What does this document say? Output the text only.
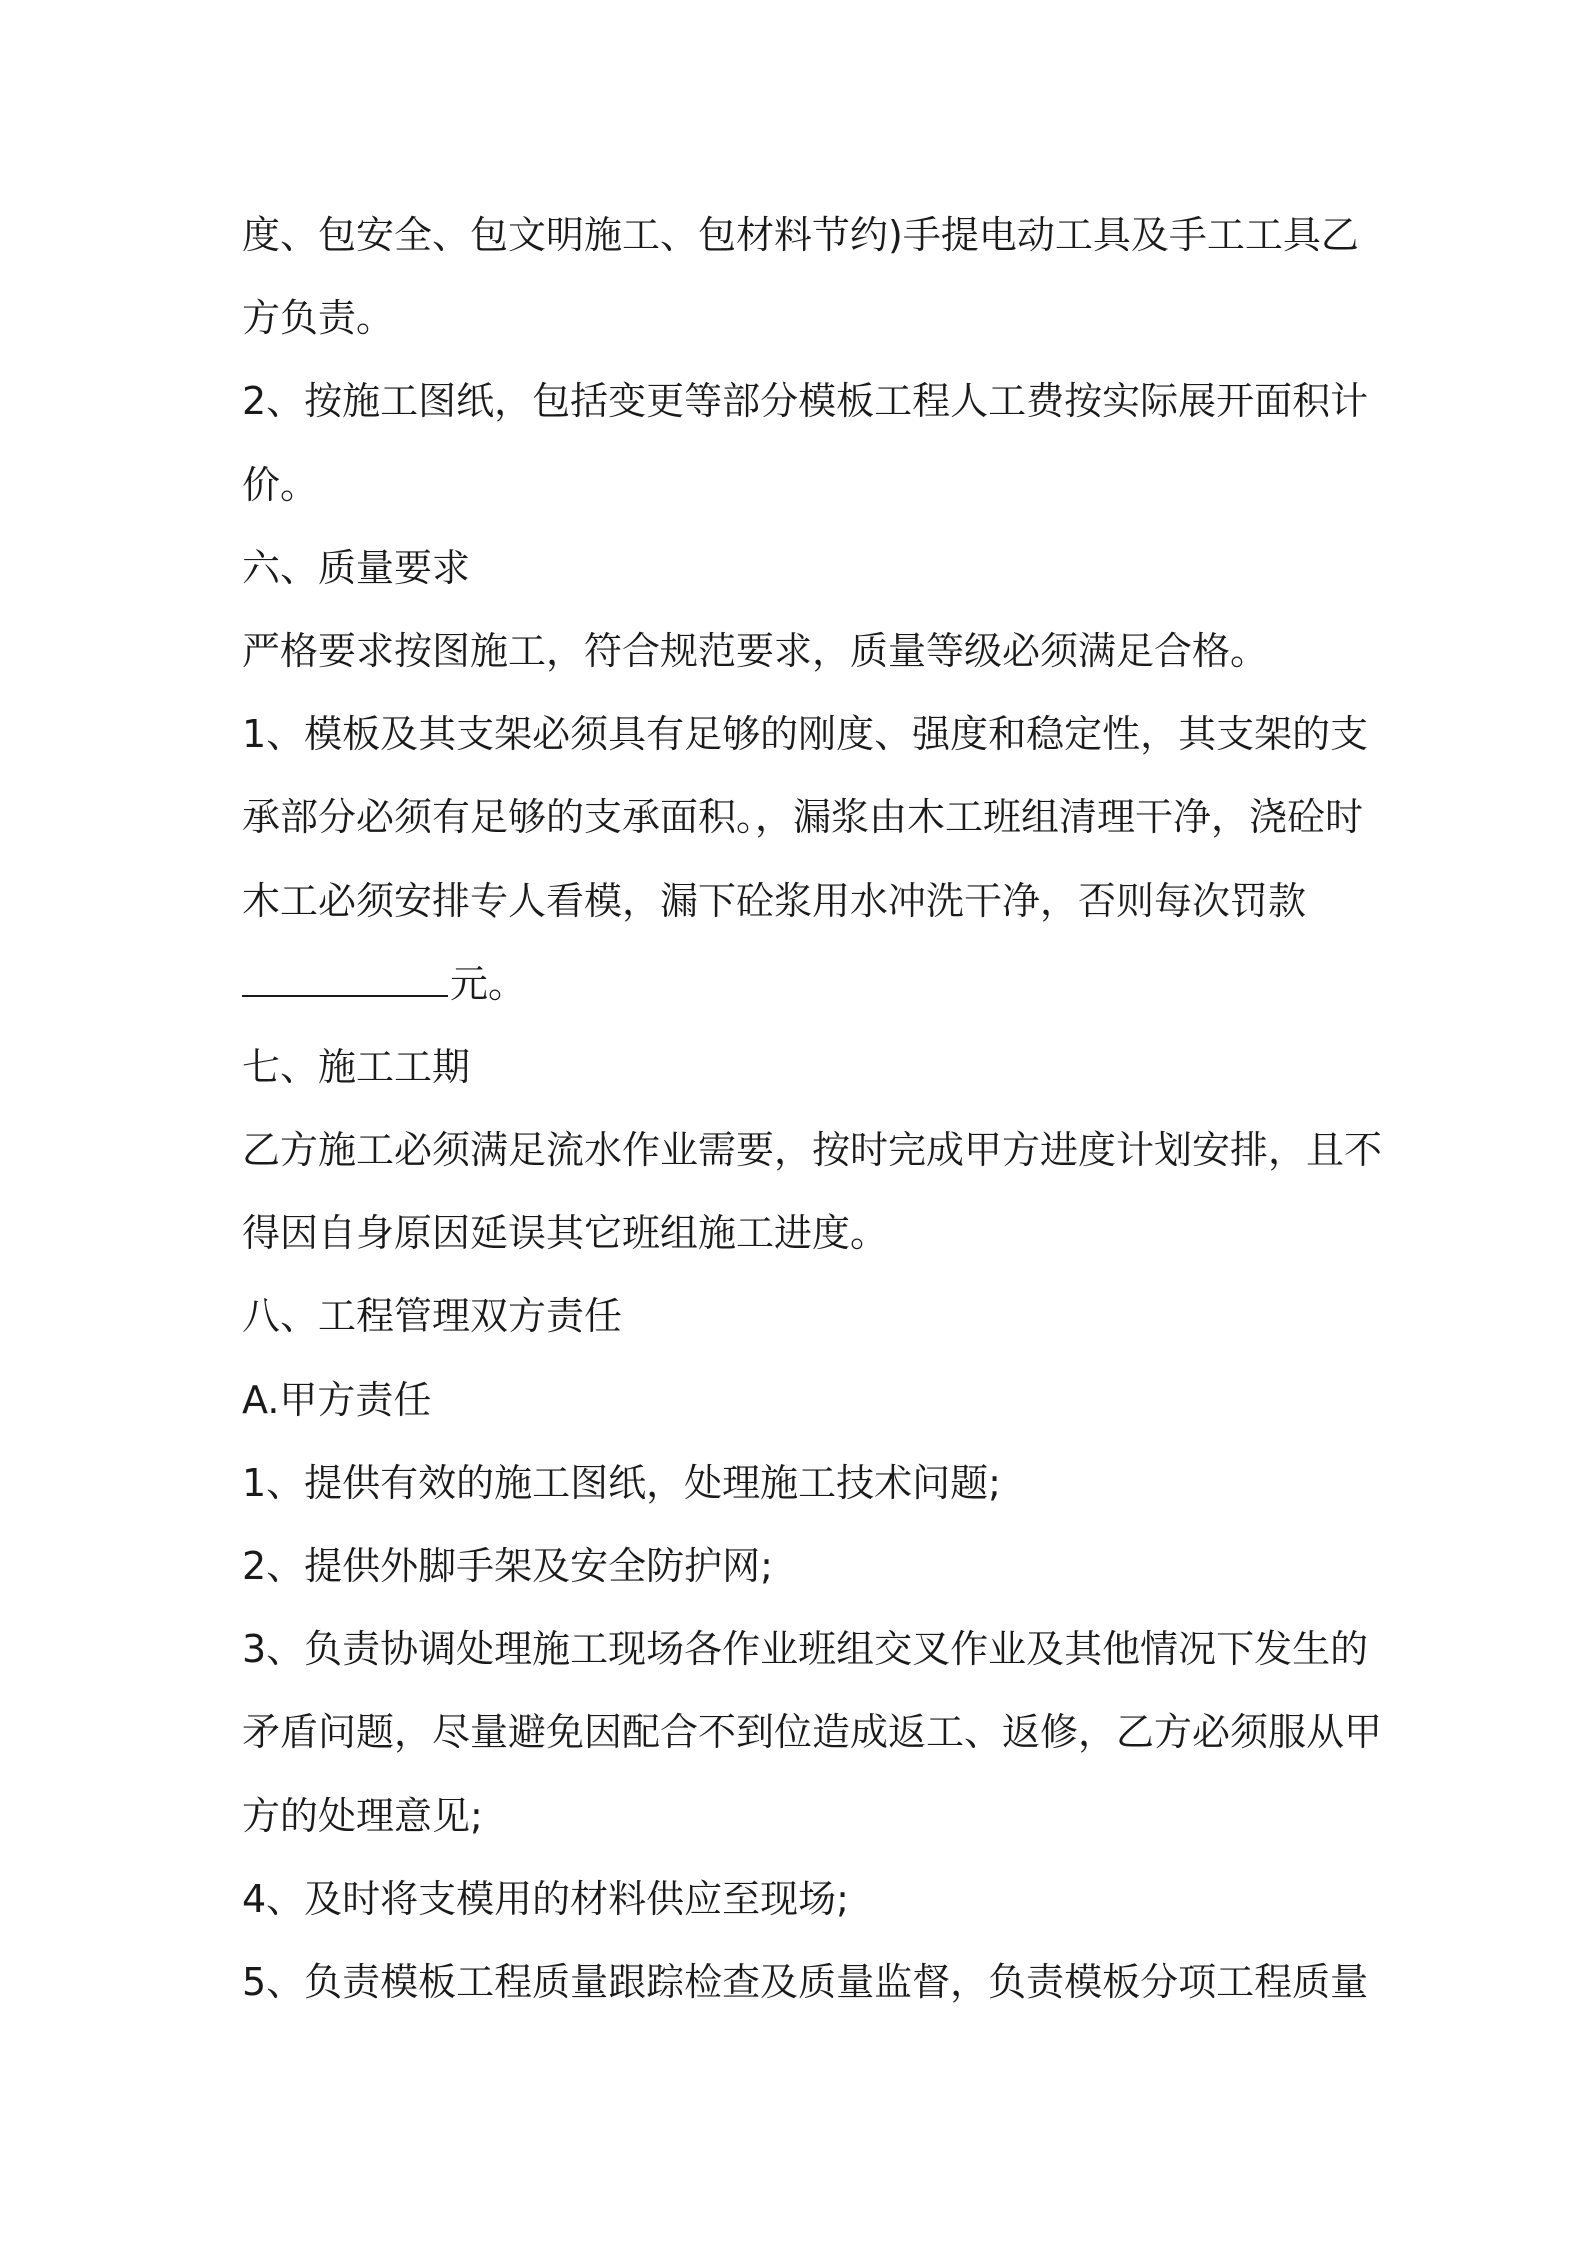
度、包安全、包文明施工、包材料节约)手提电动工具及手工工具乙
方负责。
2、按施工图纸，包括变更等部分模板工程人工费按实际展开面积计
价。
六、质量要求
严格要求按图施工，符合规范要求，质量等级必须满足合格。
1、模板及其支架必须具有足够的刚度、强度和稳定性，其支架的支
承部分必须有足够的支承面积。，漏浆由木工班组清理干净，浇砼时
木工必须安排专人看模，漏下砼浆用水冲洗干净，否则每次罚款
元。
七、施工工期
乙方施工必须满足流水作业需要，按时完成甲方进度计划安排，且不
得因自身原因延误其它班组施工进度。
八、工程管理双方责任
A.甲方责任
1、提供有效的施工图纸，处理施工技术问题;
2、提供外脚手架及安全防护网;
3、负责协调处理施工现场各作业班组交叉作业及其他情况下发生的
矛盾问题，尽量避免因配合不到位造成返工、返修，乙方必须服从甲
方的处理意见;
4、及时将支模用的材料供应至现场;
5、负责模板工程质量跟踪检查及质量监督，负责模板分项工程质量
